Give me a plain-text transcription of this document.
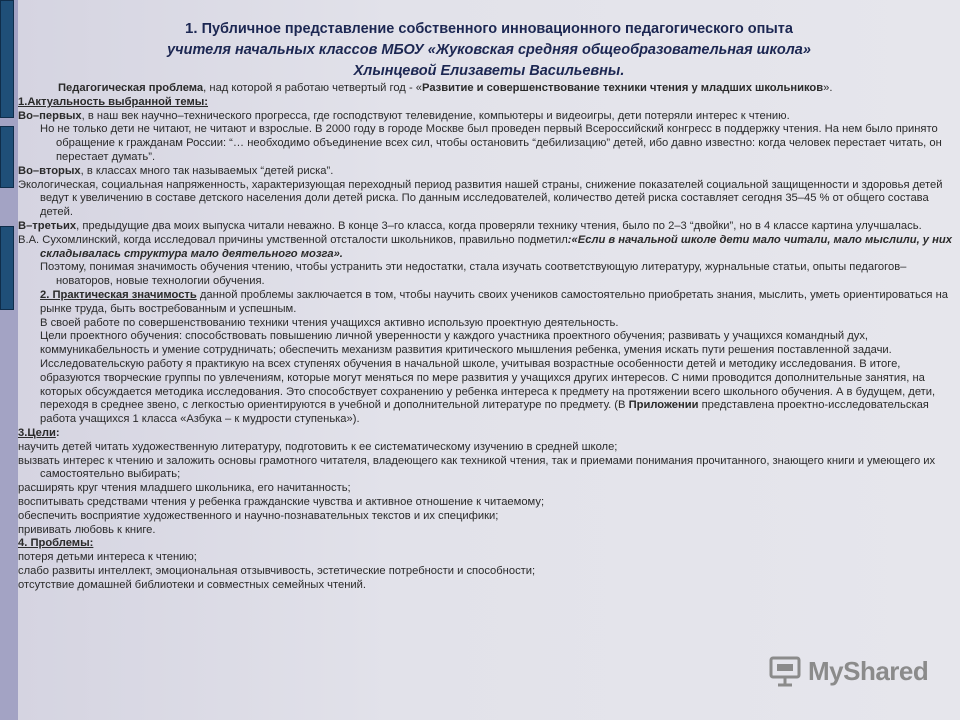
1. Публичное представление собственного инновационного педагогического опыта
учителя начальных классов МБОУ «Жуковская средняя общеобразовательная школа»
Хлынцевой Елизаветы Васильевны.

Педагогическая проблема, над которой я работаю четвертый год - «Развитие и совершенствование техники чтения у младших школьников».

1.Актуальность выбранной темы:

Во–первых, в наш век научно–технического прогресса, где господствуют телевидение, компьютеры и видеоигры, дети потеряли интерес к чтению.

Но не только дети не читают, не читают и взрослые. В 2000 году в городе Москве был проведен первый Всероссийский конгресс в поддержку чтения. На нем было принято обращение к гражданам России: “… необходимо объединение всех сил, чтобы остановить “дебилизацию” детей, ибо давно известно: когда человек перестает читать, он перестает думать”.

Во–вторых, в классах много так называемых “детей риска”.

Экологическая, социальная напряженность, характеризующая переходный период развития нашей страны, снижение показателей социальной защищенности и здоровья детей ведут к увеличению в составе детского населения доли детей риска. По данным исследователей, количество детей риска составляет сегодня 35–45 % от общего состава детей.

В–третьих, предыдущие два моих выпуска читали неважно. В конце 3–го класса, когда проверяли технику чтения, было по 2–3 “двойки”, но в 4 классе картина улучшалась.

В.А. Сухомлинский, когда исследовал причины умственной отсталости школьников, правильно подметил:«Если в начальной школе дети мало читали, мало мыслили, у них складывалась структура мало деятельного мозга».

Поэтому, понимая значимость обучения чтению, чтобы устранить эти недостатки, стала изучать соответствующую литературу, журнальные статьи, опыты педагогов–новаторов, новые технологии обучения.

2. Практическая значимость данной проблемы заключается в том, чтобы научить своих учеников самостоятельно приобретать знания, мыслить, уметь ориентироваться на рынке труда, быть востребованным и успешным.

В своей работе по совершенствованию техники чтения учащихся активно использую проектную деятельность.

Цели проектного обучения: способствовать повышению личной уверенности у каждого участника проектного обучения; развивать у учащихся командный дух, коммуникабельность и умение сотрудничать; обеспечить механизм развития критического мышления ребенка, умения искать пути решения поставленной задачи.

Исследовательскую работу я практикую на всех ступенях обучения в начальной школе, учитывая возрастные особенности детей и методику исследования. В итоге, образуются творческие группы по увлечениям, которые могут меняться по мере развития у учащихся других интересов. С ними проводится дополнительные занятия, на которых обсуждается методика исследования. Это способствует сохранению у ребенка интереса к предмету на протяжении всего школьного обучения. А в будущем, дети, переходя в среднее звено, с легкостью ориентируются в учебной и дополнительной литературе по предмету. (В Приложении представлена проектно-исследовательская работа учащихся 1 класса «Азбука – к мудрости ступенька»).

3.Цели:

научить детей читать художественную литературу, подготовить к ее систематическому изучению в средней школе;

вызвать интерес к чтению и заложить основы грамотного читателя, владеющего как техникой чтения, так и приемами понимания прочитанного, знающего книги и умеющего их самостоятельно выбирать;

расширять круг чтения младшего школьника, его начитанность;

воспитывать средствами чтения у ребенка гражданские чувства и активное отношение к читаемому;

обеспечить восприятие художественного и научно-познавательных текстов и их специфики;

прививать любовь к книге.

4. Проблемы:

потеря детьми интереса к чтению;

слабо развиты интеллект, эмоциональная отзывчивость, эстетические потребности и способности;

отсутствие домашней библиотеки и совместных семейных чтений.

MyShared
